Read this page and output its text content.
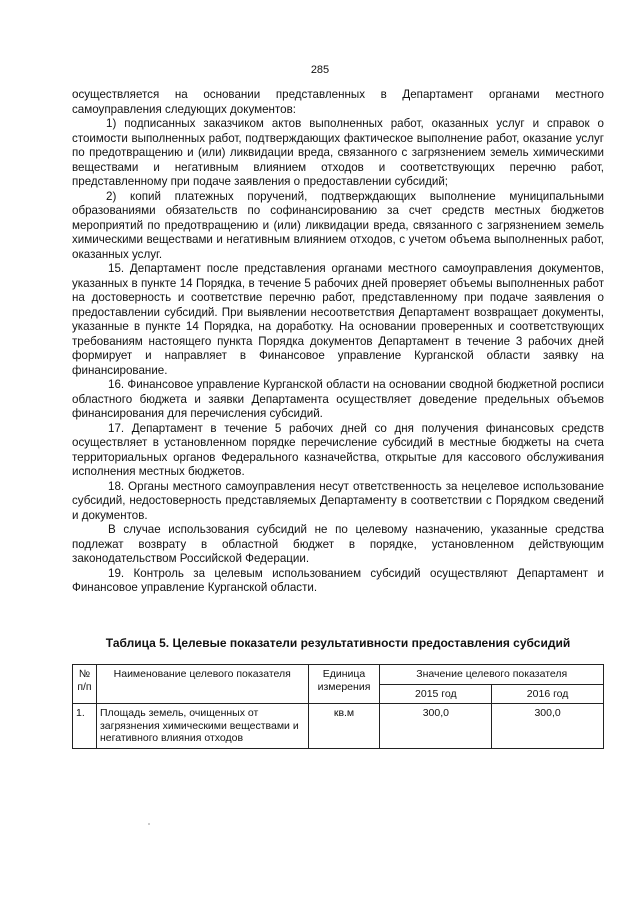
285

осуществляется на основании представленных в Департамент органами местного самоуправления следующих документов:

1) подписанных заказчиком актов выполненных работ, оказанных услуг и справок о стоимости выполненных работ, подтверждающих фактическое выполнение работ, оказание услуг по предотвращению и (или) ликвидации вреда, связанного с загрязнением земель химическими веществами и негативным влиянием отходов и соответствующих перечню работ, представленному при подаче заявления о предоставлении субсидий;

2) копий платежных поручений, подтверждающих выполнение муниципальными образованиями обязательств по софинансированию за счет средств местных бюджетов мероприятий по предотвращению и (или) ликвидации вреда, связанного с загрязнением земель химическими веществами и негативным влиянием отходов, с учетом объема выполненных работ, оказанных услуг.

15. Департамент после представления органами местного самоуправления документов, указанных в пункте 14 Порядка, в течение 5 рабочих дней проверяет объемы выполненных работ на достоверность и соответствие перечню работ, представленному при подаче заявления о предоставлении субсидий. При выявлении несоответствия Департамент возвращает документы, указанные в пункте 14 Порядка, на доработку. На основании проверенных и соответствующих требованиям настоящего пункта Порядка документов Департамент в течение 3 рабочих дней формирует и направляет в Финансовое управление Курганской области заявку на финансирование.

16. Финансовое управление Курганской области на основании сводной бюджетной росписи областного бюджета и заявки Департамента осуществляет доведение предельных объемов финансирования для перечисления субсидий.

17. Департамент в течение 5 рабочих дней со дня получения финансовых средств осуществляет в установленном порядке перечисление субсидий в местные бюджеты на счета территориальных органов Федерального казначейства, открытые для кассового обслуживания исполнения местных бюджетов.

18. Органы местного самоуправления несут ответственность за нецелевое использование субсидий, недостоверность представляемых Департаменту в соответствии с Порядком сведений и документов.

В случае использования субсидий не по целевому назначению, указанные средства подлежат возврату в областной бюджет в порядке, установленном действующим законодательством Российской Федерации.

19. Контроль за целевым использованием субсидий осуществляют Департамент и Финансовое управление Курганской области.

Таблица 5. Целевые показатели результативности предоставления субсидий
№ п/п	Наименование целевого показателя	Единица измерения	Значение целевого показателя	
			2015 год	2016 год
1.	Площадь земель, очищенных от загрязнения химическими веществами и негативного влияния отходов	кв.м	300,0	300,0
